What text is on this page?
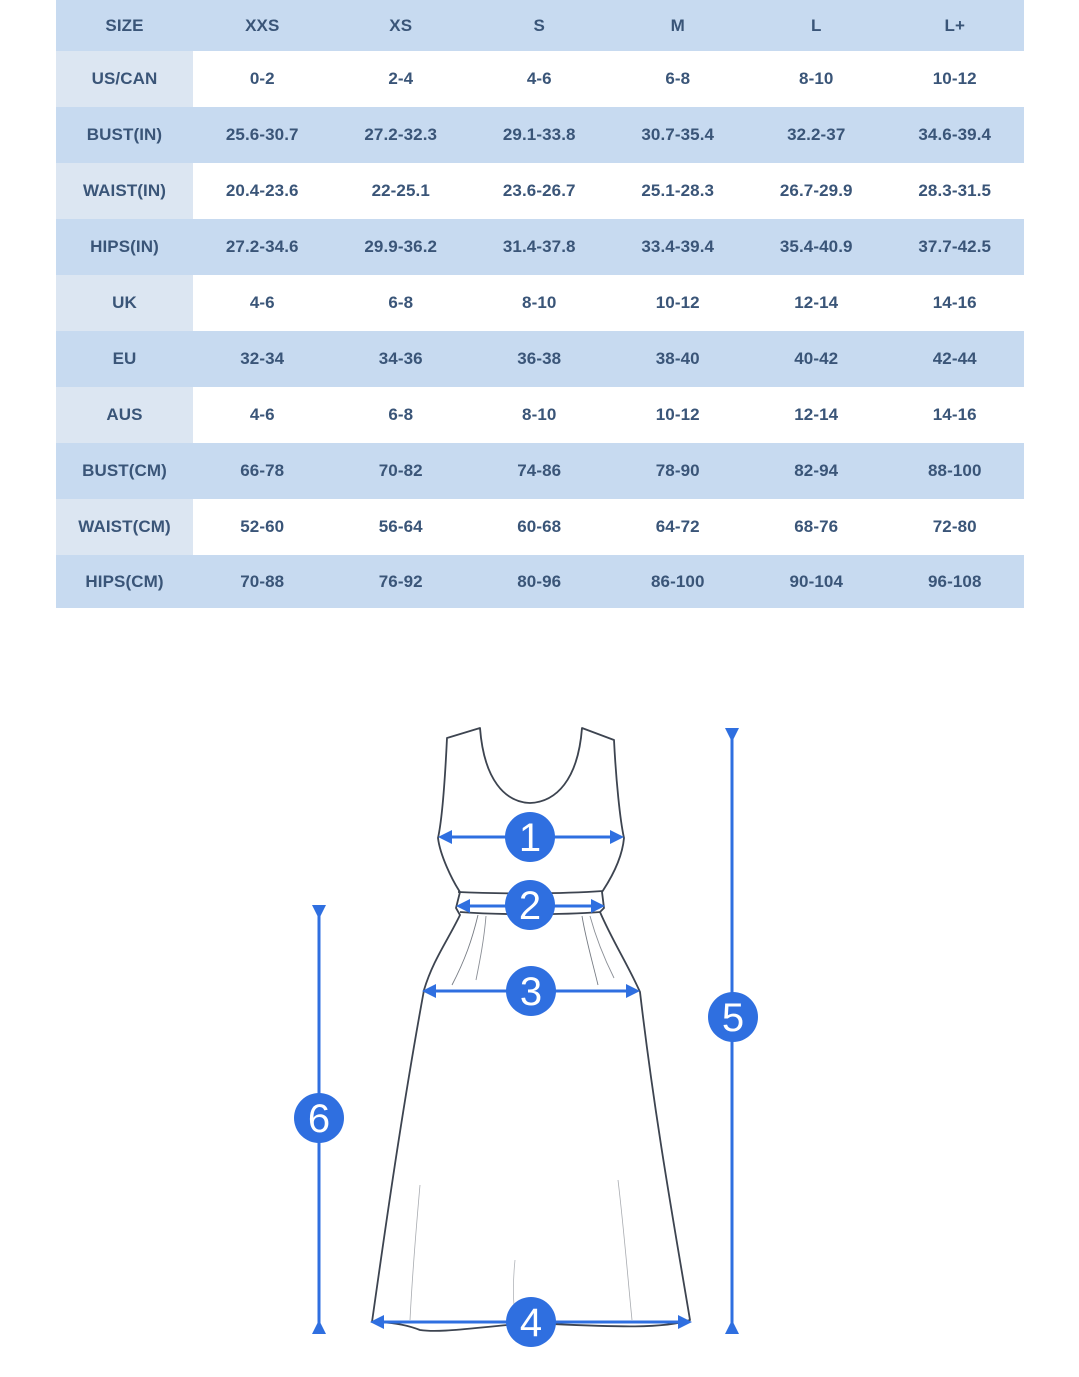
SIZE	XXS	XS	S	M	L	L+
US/CAN	0-2	2-4	4-6	6-8	8-10	10-12
BUST(IN)	25.6-30.7	27.2-32.3	29.1-33.8	30.7-35.4	32.2-37	34.6-39.4
WAIST(IN)	20.4-23.6	22-25.1	23.6-26.7	25.1-28.3	26.7-29.9	28.3-31.5
HIPS(IN)	27.2-34.6	29.9-36.2	31.4-37.8	33.4-39.4	35.4-40.9	37.7-42.5
UK	4-6	6-8	8-10	10-12	12-14	14-16
EU	32-34	34-36	36-38	38-40	40-42	42-44
AUS	4-6	6-8	8-10	10-12	12-14	14-16
BUST(CM)	66-78	70-82	74-86	78-90	82-94	88-100
WAIST(CM)	52-60	56-64	60-68	64-72	68-76	72-80
HIPS(CM)	70-88	76-92	80-96	86-100	90-104	96-108
1
2
3
4
5
6
